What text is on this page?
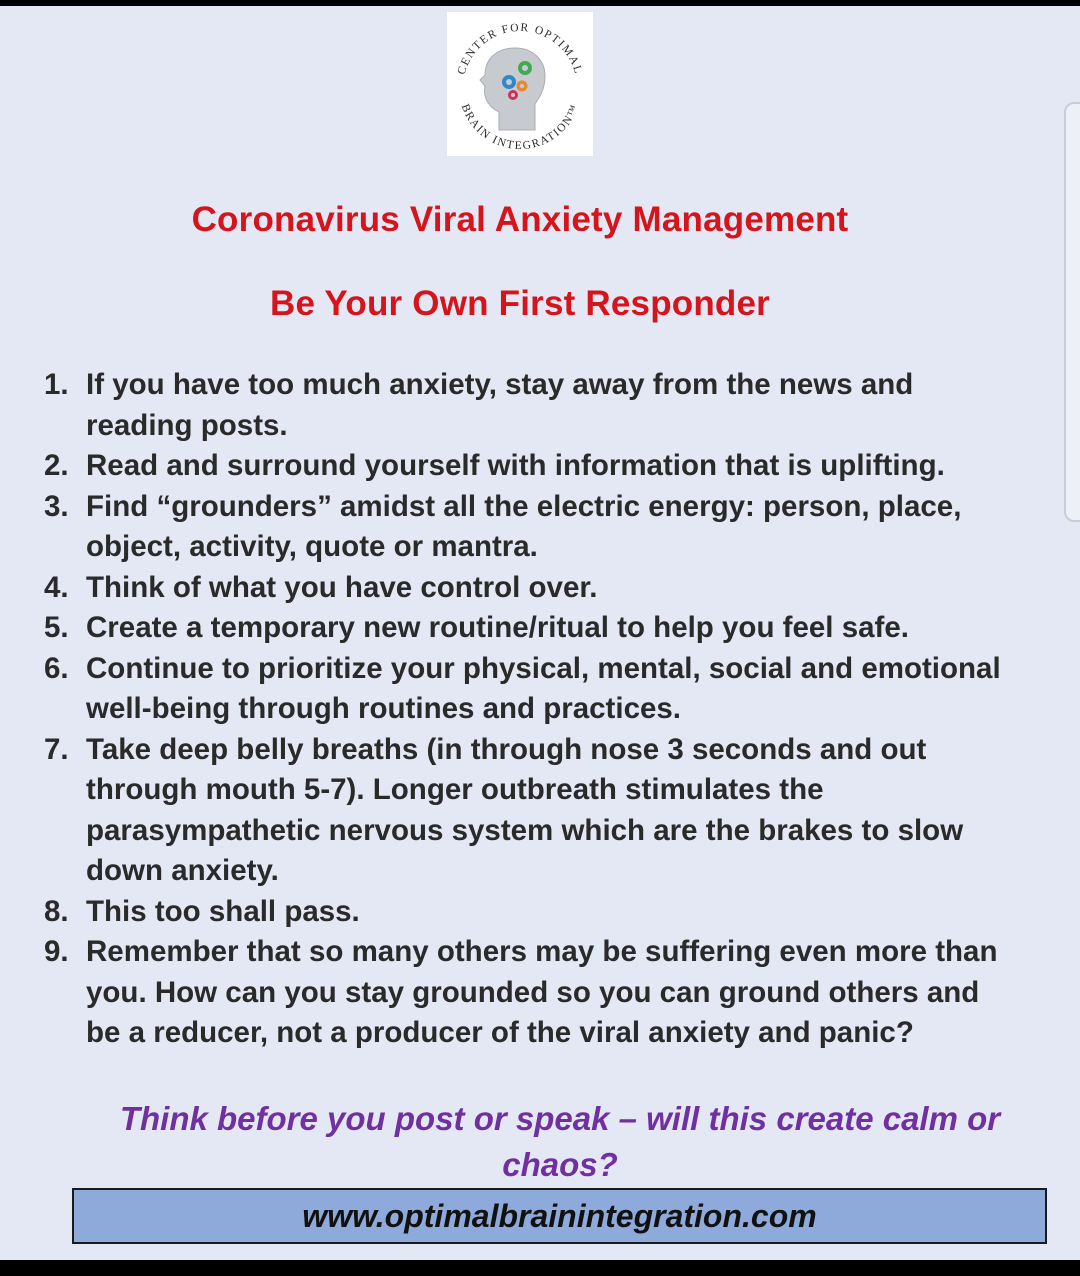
CENTER FOR OPTIMAL
BRAIN INTEGRATION™
Coronavirus Viral Anxiety Management
Be Your Own First Responder
1. If you have too much anxiety, stay away from the news and reading posts.
2. Read and surround yourself with information that is uplifting.
3. Find “grounders” amidst all the electric energy: person, place, object, activity, quote or mantra.
4. Think of what you have control over.
5. Create a temporary new routine/ritual to help you feel safe.
6. Continue to prioritize your physical, mental, social and emotional well-being through routines and practices.
7. Take deep belly breaths (in through nose 3 seconds and out through mouth 5-7). Longer outbreath stimulates the parasympathetic nervous system which are the brakes to slow down anxiety.
8. This too shall pass.
9. Remember that so many others may be suffering even more than you. How can you stay grounded so you can ground others and be a reducer, not a producer of the viral anxiety and panic?
Think before you post or speak – will this create calm or chaos?
www.optimalbrainintegration.com
